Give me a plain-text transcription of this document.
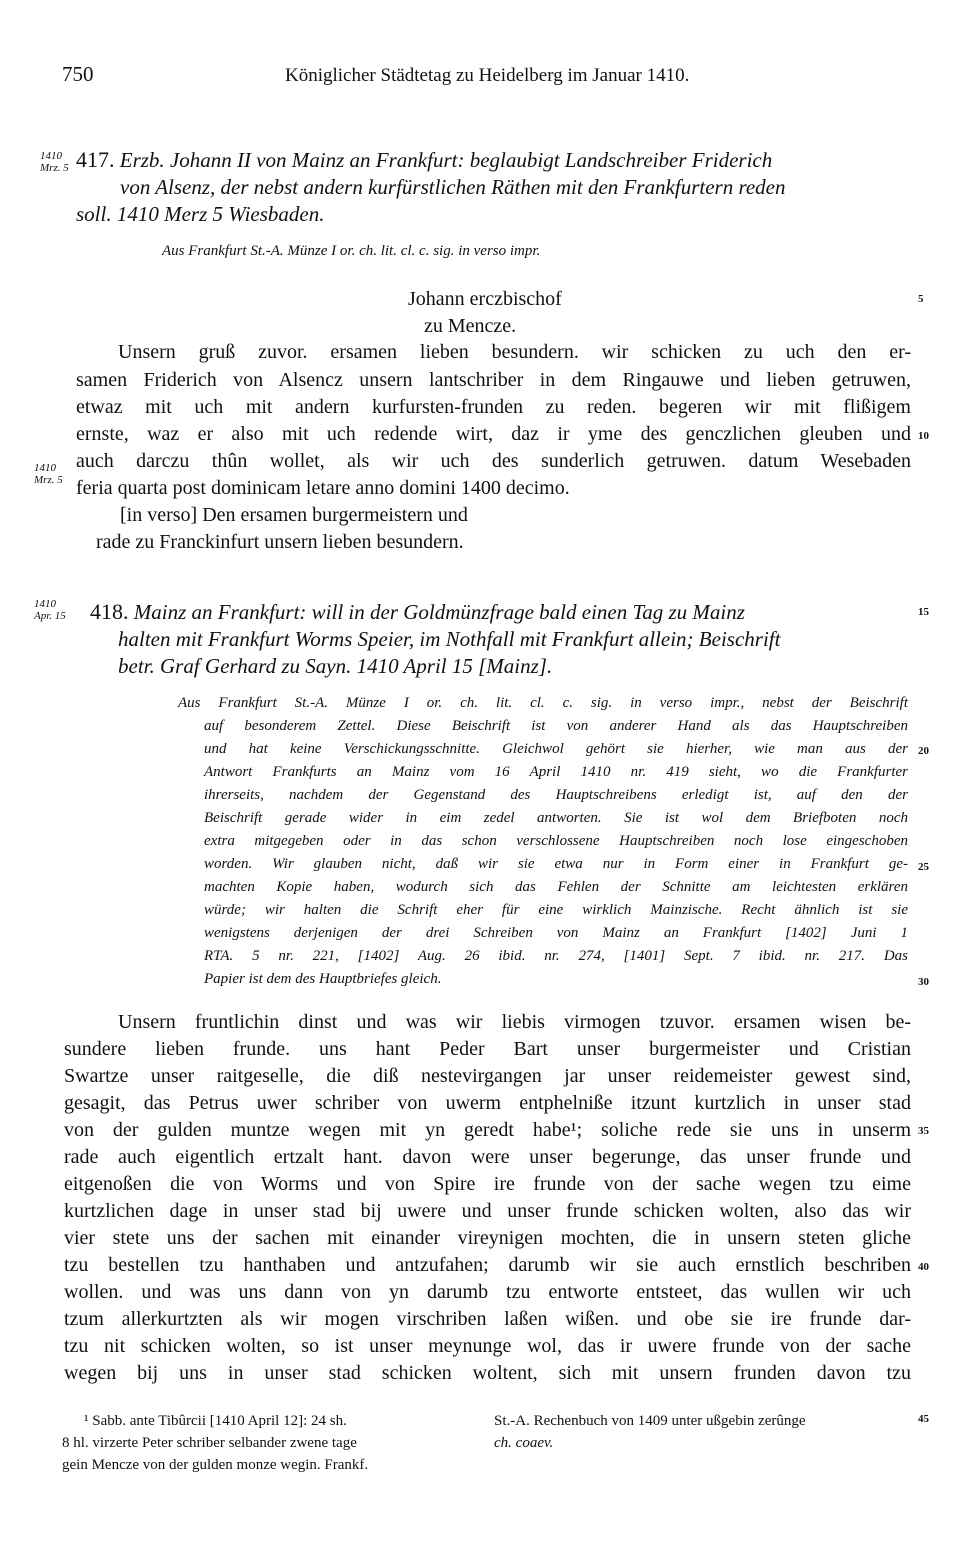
750	Königlicher Städtetag zu Heidelberg im Januar 1410.
1410
Mrz. 5 417. Erzb. Johann II von Mainz an Frankfurt: beglaubigt Landschreiber Friderich
von Alsenz, der nebst andern kurfürstlichen Räthen mit den Frankfurtern reden
soll. 1410 Merz 5 Wiesbaden.
Aus Frankfurt St.-A. Münze I or. ch. lit. cl. c. sig. in verso impr.
Johann erczbischof	5
zu Mencze.
Unsern gruß zuvor. ersamen lieben besundern. wir schicken zu uch den er-
samen Friderich von Alsencz unsern lantschriber in dem Ringauwe und lieben getruwen,
etwaz mit uch mit andern kurfursten-frunden zu reden. begeren wir mit flißigem
ernste, waz er also mit uch redende wirt, daz ir yme des genczlichen gleuben und 10
auch darczu thûn wollet, als wir uch des sunderlich getruwen. datum Wesebaden
1410
Mrz. 5 feria quarta post dominicam letare anno domini 1400 decimo.
[in verso] Den ersamen burgermeistern und
rade zu Franckinfurt unsern lieben besundern.
1410
Apr. 15	418. Mainz an Frankfurt: will in der Goldmünzfrage bald einen Tag zu Mainz
halten mit Frankfurt Worms Speier, im Nothfall mit Frankfurt allein; Beischrift
betr. Graf Gerhard zu Sayn. 1410 April 15 [Mainz].
15
Aus Frankfurt St.-A. Münze I or. ch. lit. cl. c. sig. in verso impr., nebst der Beischrift
auf besonderem Zettel. Diese Beischrift ist von anderer Hand als das Hauptschreiben
und hat keine Verschickungsschnitte. Gleichwol gehört sie hierher, wie man aus der
Antwort Frankfurts an Mainz vom 16 April 1410 nr. 419 sieht, wo die Frankfurter
ihrerseits, nachdem der Gegenstand des Hauptschreibens erledigt ist, auf den der
Beischrift gerade wider in eim zedel antworten. Sie ist wol dem Briefboten noch
extra mitgegeben oder in das schon verschlossene Hauptschreiben noch lose eingeschoben
worden. Wir glauben nicht, daß wir sie etwa nur in Form einer in Frankfurt ge-
machten Kopie haben, wodurch sich das Fehlen der Schnitte am leichtesten erklären
würde; wir halten die Schrift eher für eine wirklich Mainzische. Recht ähnlich ist sie
wenigstens derjenigen der drei Schreiben von Mainz an Frankfurt [1402] Juni 1
RTA. 5 nr. 221, [1402] Aug. 26 ibid. nr. 274, [1401] Sept. 7 ibid. nr. 217. Das
Papier ist dem des Hauptbriefes gleich.
20
25
30
Unsern fruntlichin dinst und was wir liebis virmogen tzuvor. ersamen wisen be-
sundere lieben frunde. uns hant Peder Bart unser burgermeister und Cristian
Swartze unser raitgeselle, die diß nestevirgangen jar unser reidemeister gewest sind,
gesagit, das Petrus uwer schriber von uwerm entphelniße itzunt kurtzlich in unser stad
von der gulden muntze wegen mit yn geredt habe¹; soliche rede sie uns in unserm 35
rade auch eigentlich ertzalt hant. davon were unser begerunge, das unser frunde und
eitgenoßen die von Worms und von Spire ire frunde von der sache wegen tzu eime
kurtzlichen dage in unser stad bij uwere und unser frunde schicken wolten, also das wir
vier stete uns der sachen mit einander vireynigen mochten, die in unsern steten gliche
tzu bestellen tzu hanthaben und antzufahen; darumb wir sie auch ernstlich beschriben 40
wollen. und was uns dann von yn darumb tzu entworte entsteet, das wullen wir uch
tzum allerkurtzten als wir mogen virschriben laßen wißen. und obe sie ire frunde dar-
tzu nit schicken wolten, so ist unser meynunge wol, das ir uwere frunde von der sache
wegen bij uns in unser stad schicken woltent, sich mit unsern frunden davon tzu
¹ Sabb. ante Tibûrcii [1410 April 12]: 24 sh.
8 hl. virzerte Peter schriber selbander zwene tage
gein Mencze von der gulden monze wegin. Frankf.
St.-A. Rechenbuch von 1409 unter ußgebin zerûnge
ch. coaev.
45
